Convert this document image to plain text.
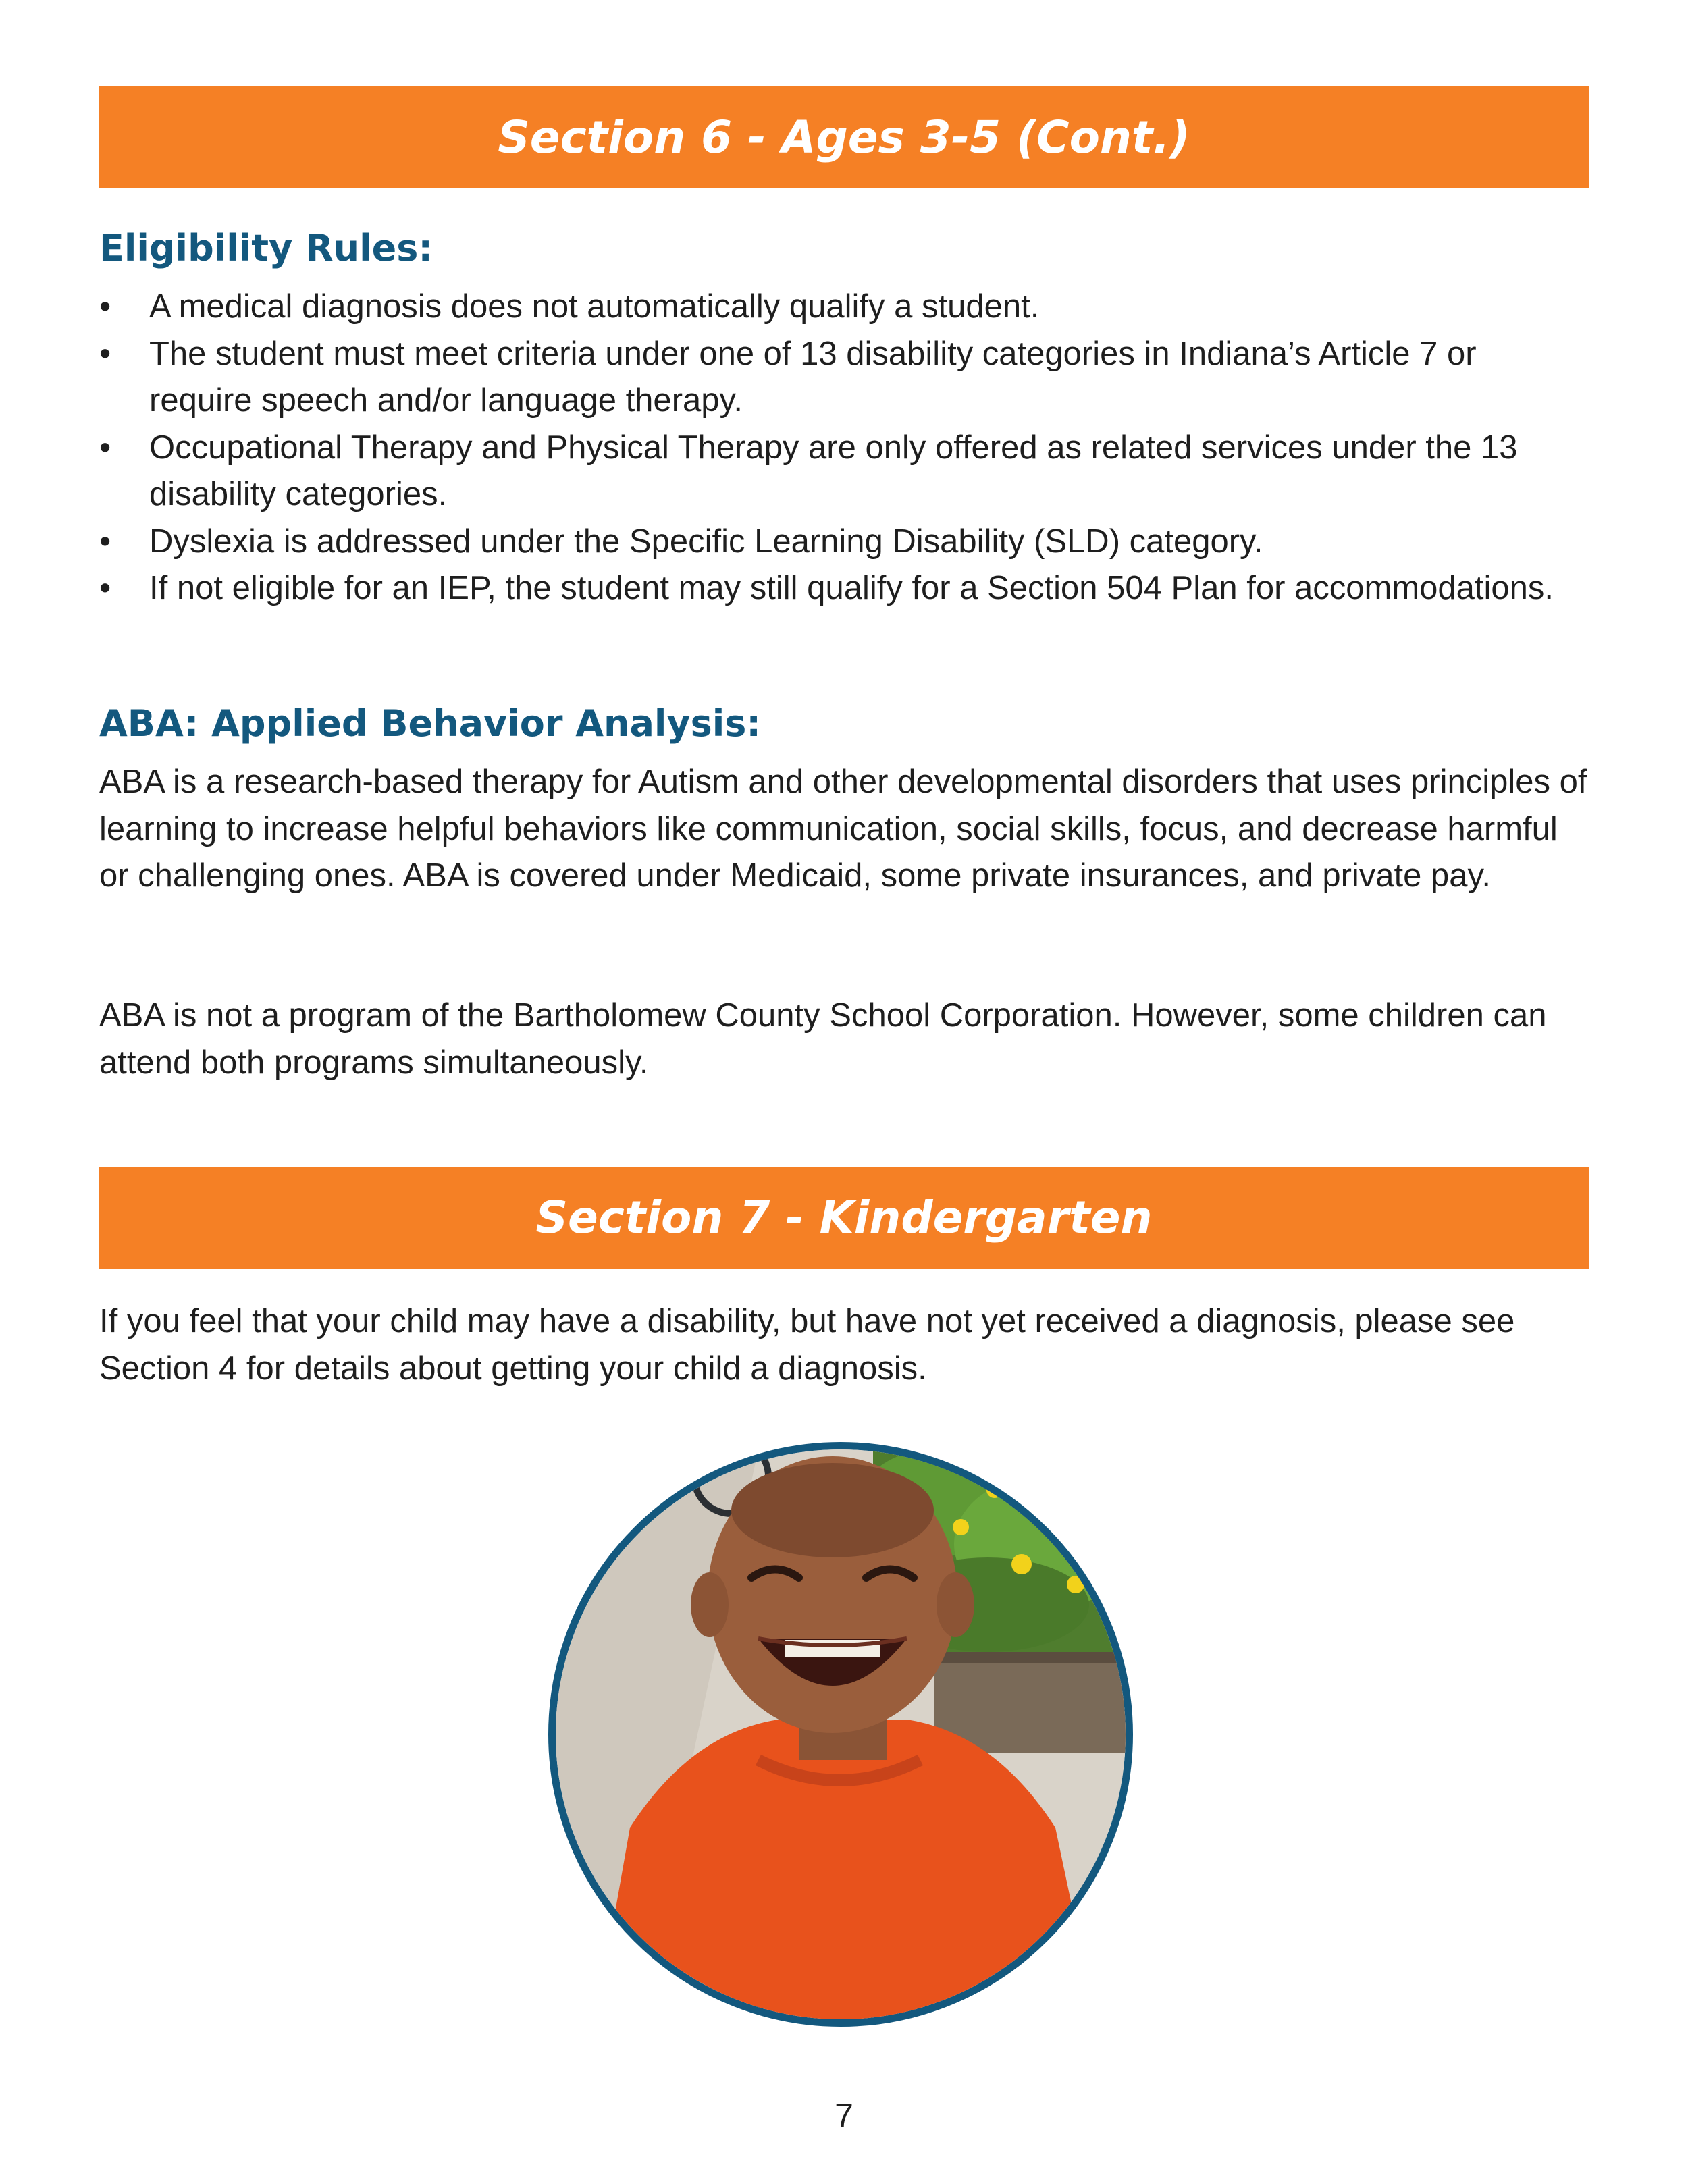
Section 6 - Ages 3-5 (Cont.)
Eligibility Rules:
• A medical diagnosis does not automatically qualify a student.
• The student must meet criteria under one of 13 disability categories in Indiana’s Article 7 or require speech and/or language therapy.
• Occupational Therapy and Physical Therapy are only offered as related services under the 13 disability categories.
• Dyslexia is addressed under the Specific Learning Disability (SLD) category.
• If not eligible for an IEP, the student may still qualify for a Section 504 Plan for accommodations.
ABA: Applied Behavior Analysis:

ABA is a research-based therapy for Autism and other developmental disorders that uses principles of learning to increase helpful behaviors like communication, social skills, focus, and decrease harmful or challenging ones. ABA is covered under Medicaid, some private insurances, and private pay.

ABA is not a program of the Bartholomew County School Corporation. However, some children can attend both programs simultaneously.

Section 7 - Kindergarten

If you feel that your child may have a disability, but have not yet received a diagnosis, please see Section 4 for details about getting your child a diagnosis.

7
